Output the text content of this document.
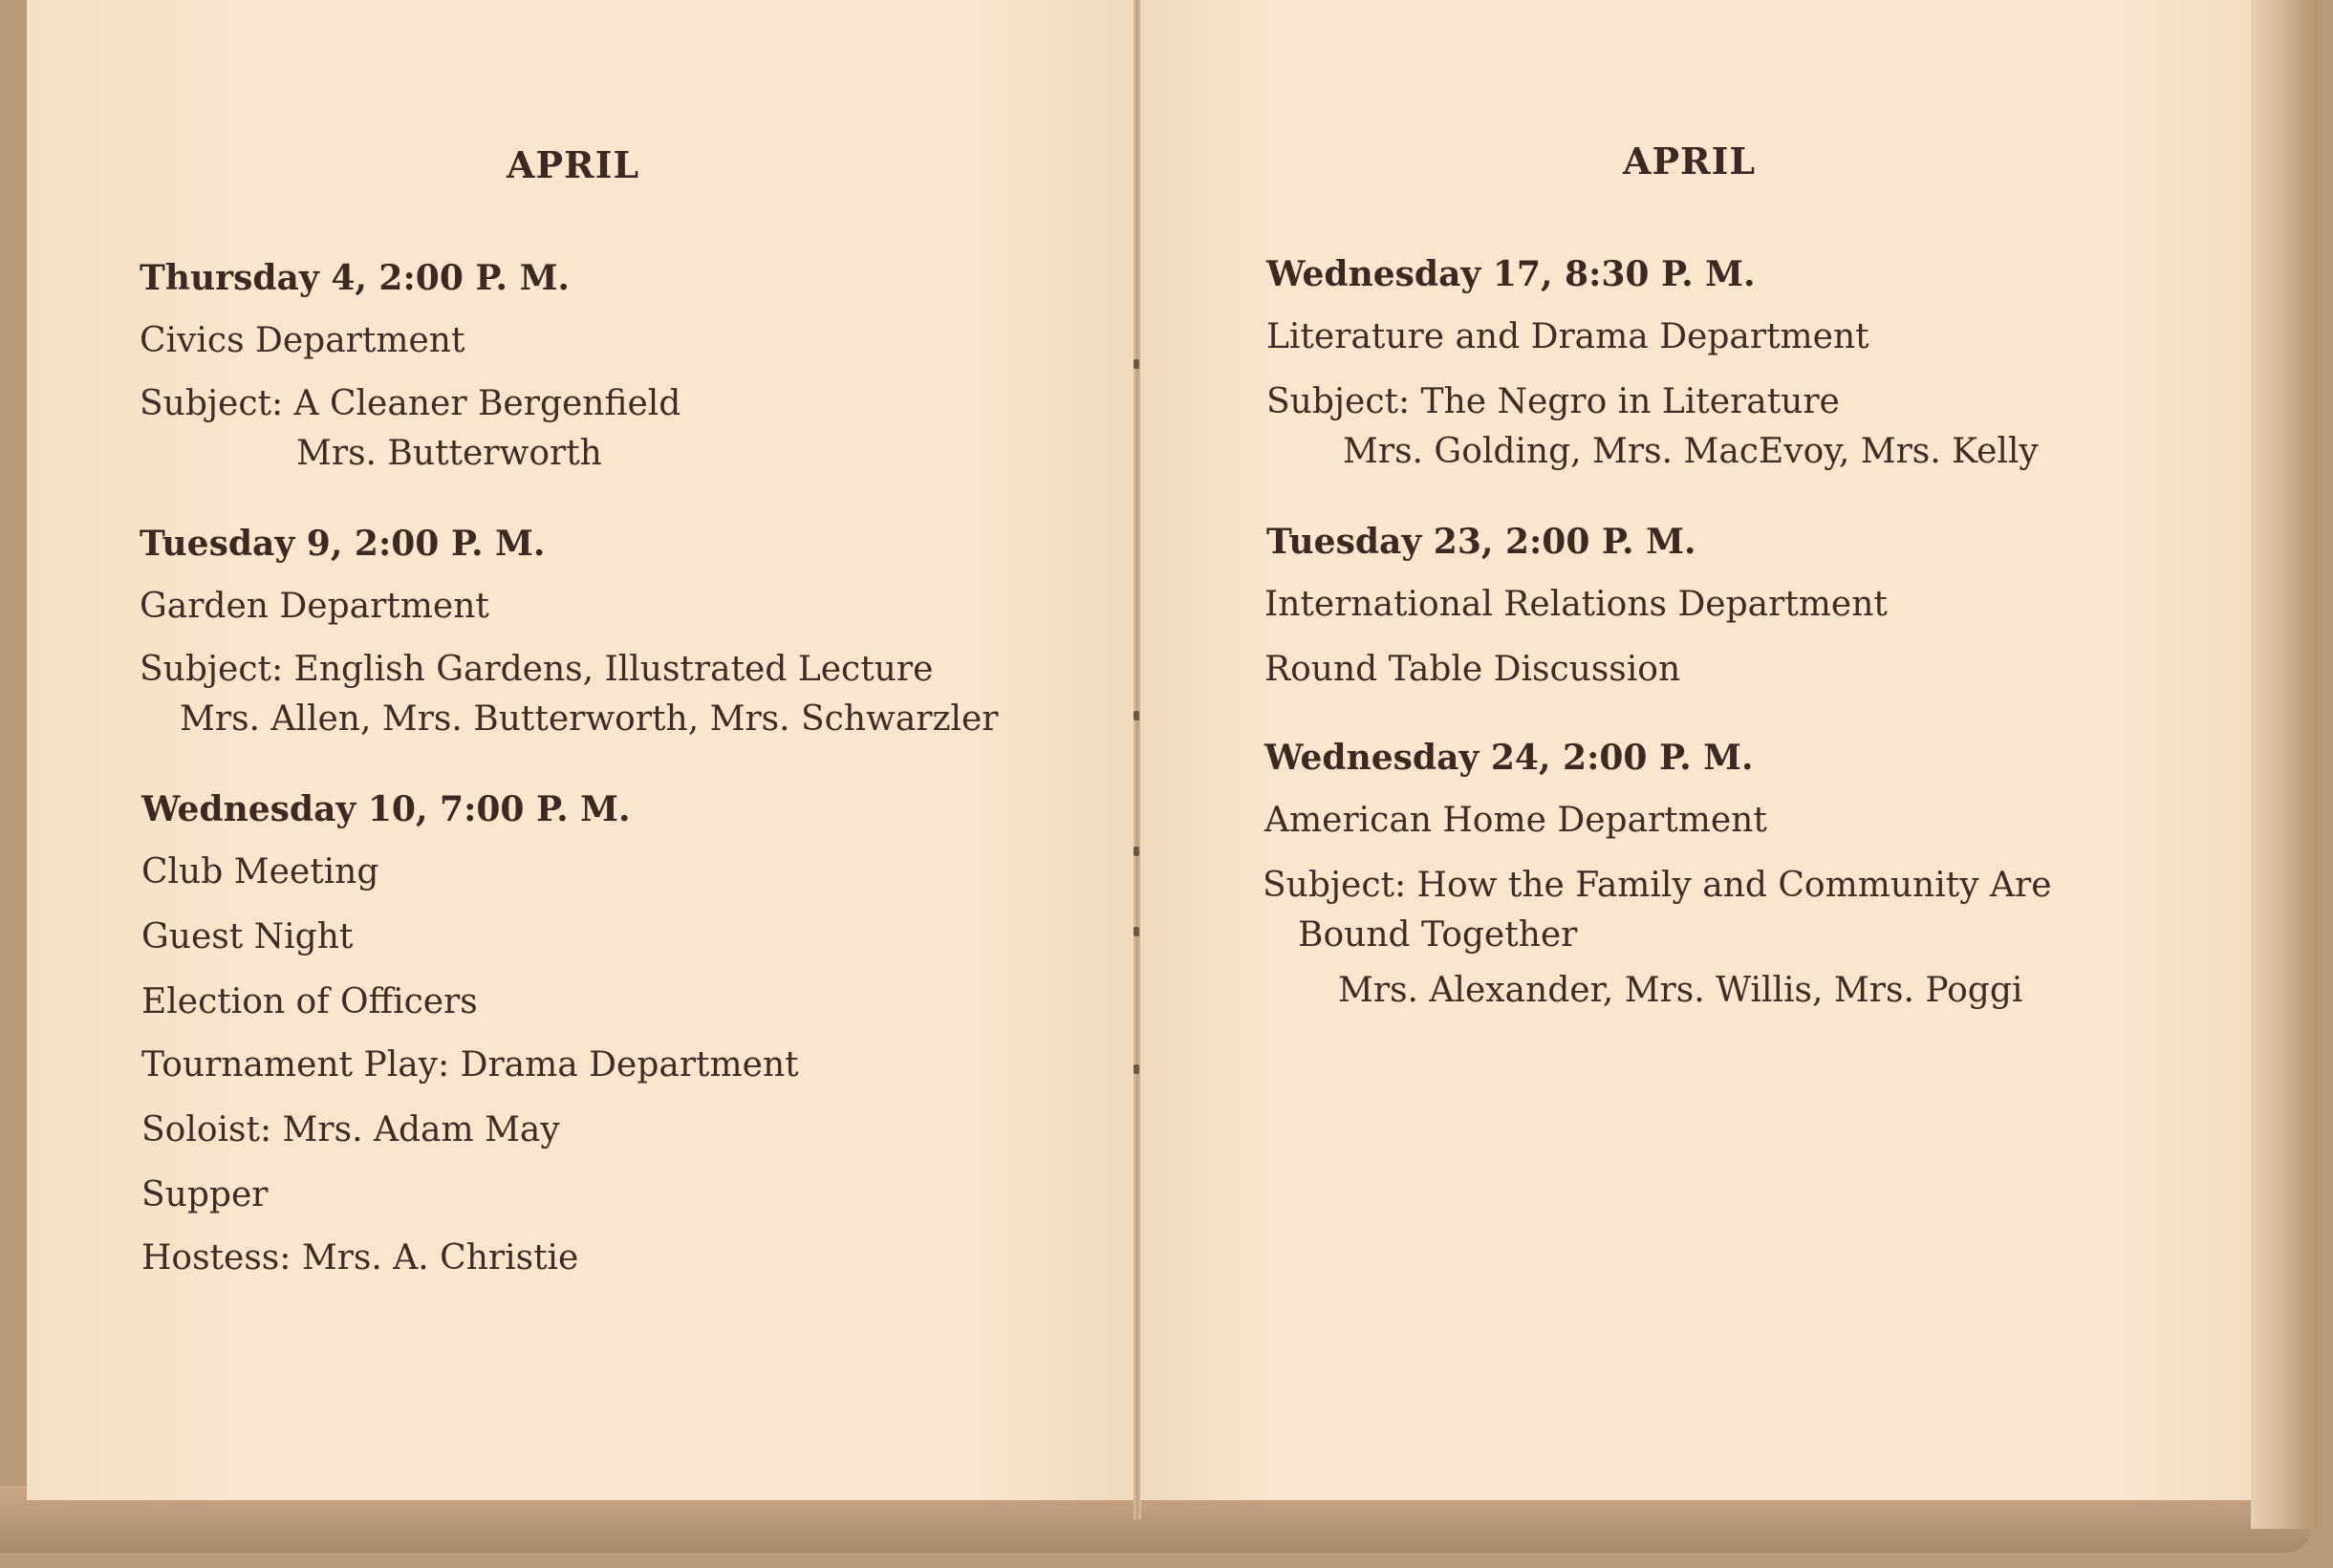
APRIL
Thursday 4, 2:00 P. M.
Civics Department
Subject: A Cleaner Bergenfield
Mrs. Butterworth
Tuesday 9, 2:00 P. M.
Garden Department
Subject: English Gardens, Illustrated Lecture
Mrs. Allen, Mrs. Butterworth, Mrs. Schwarzler
Wednesday 10, 7:00 P. M.
Club Meeting
Guest Night
Election of Officers
Tournament Play: Drama Department
Soloist: Mrs. Adam May
Supper
Hostess: Mrs. A. Christie
APRIL
Wednesday 17, 8:30 P. M.
Literature and Drama Department
Subject: The Negro in Literature
Mrs. Golding, Mrs. MacEvoy, Mrs. Kelly
Tuesday 23, 2:00 P. M.
International Relations Department
Round Table Discussion
Wednesday 24, 2:00 P. M.
American Home Department
Subject: How the Family and Community Are
Bound Together
Mrs. Alexander, Mrs. Willis, Mrs. Poggi
